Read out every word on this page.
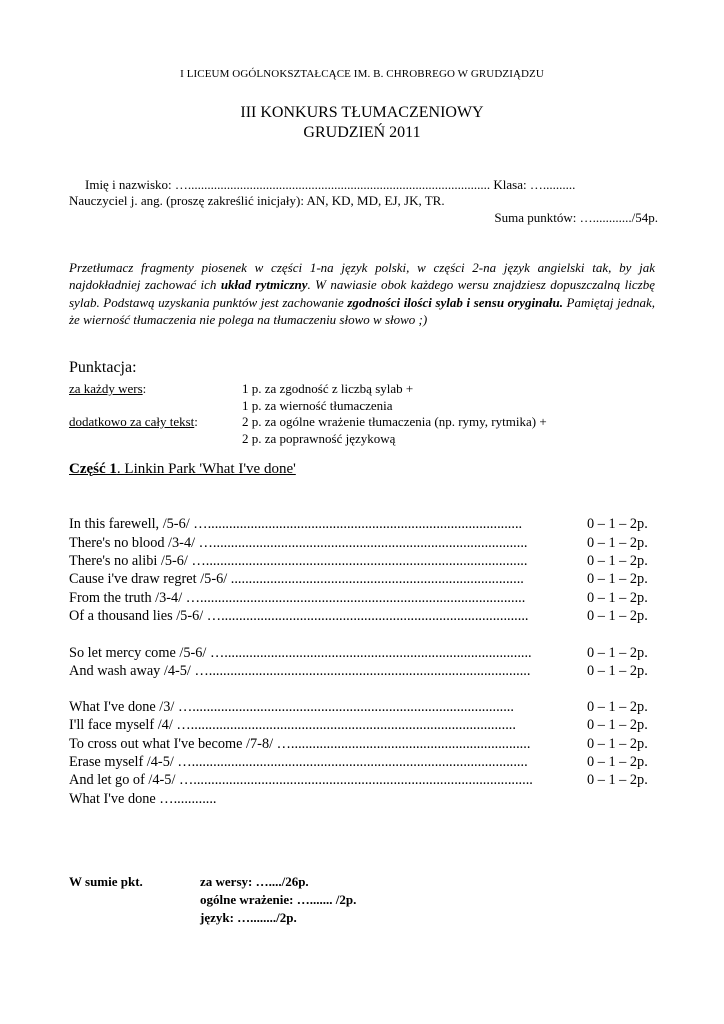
I LICEUM OGÓLNOKSZTAŁCĄCE IM. B. CHROBREGO W GRUDZIĄDZU
III KONKURS TŁUMACZENIOWY
GRUDZIEŃ 2011
Imię i nazwisko: …............................................................................................. Klasa: …..........
Nauczyciel j. ang. (proszę zakreślić inicjały): AN, KD, MD, EJ, JK, TR.
Suma punktów: …............/54p.
Przetłumacz fragmenty piosenek w części 1-na język polski, w części 2-na język angielski tak, by jak najdokładniej zachować ich układ rytmiczny. W nawiasie obok każdego wersu znajdziesz dopuszczalną liczbę sylab. Podstawą uzyskania punktów jest zachowanie zgodności ilości sylab i sensu oryginału. Pamiętaj jednak, że wierność tłumaczenia nie polega na tłumaczeniu słowo w słowo ;)
Punktacja:
za każdy wers:	1 p. za zgodność z liczbą sylab +
1 p. za wierność tłumaczenia
dodatkowo za cały tekst:	2 p. za ogólne wrażenie tłumaczenia (np. rymy, rytmika) +
2 p. za poprawność językową
Część 1. Linkin Park 'What I've done'
In this farewell, /5-6/ …........................................................................................	0 – 1 – 2p.
There's no blood /3-4/ …........................................................................................	0 – 1 – 2p.
There's no alibi /5-6/ …..........................................................................................	0 – 1 – 2p.
Cause i've draw regret /5-6/ ..................................................................................	0 – 1 – 2p.
From the truth /3-4/ …...........................................................................................	0 – 1 – 2p.
Of a thousand lies /5-6/ …......................................................................................	0 – 1 – 2p.
So let mercy come /5-6/ …......................................................................................	0 – 1 – 2p.
And wash away /4-5/ …..........................................................................................	0 – 1 – 2p.
What I've done /3/ …..........................................................................................	0 – 1 – 2p.
I'll face myself /4/ …...........................................................................................	0 – 1 – 2p.
To cross out what I've become /7-8/ …...................................................................	0 – 1 – 2p.
Erase myself /4-5/ …..............................................................................................	0 – 1 – 2p.
And let go of /4-5/ …...............................................................................................	0 – 1 – 2p.
What I've done …............
W sumie pkt.	za wersy: …..../26p.
ogólne wrażenie: …....... /2p.
język: …......../2p.
